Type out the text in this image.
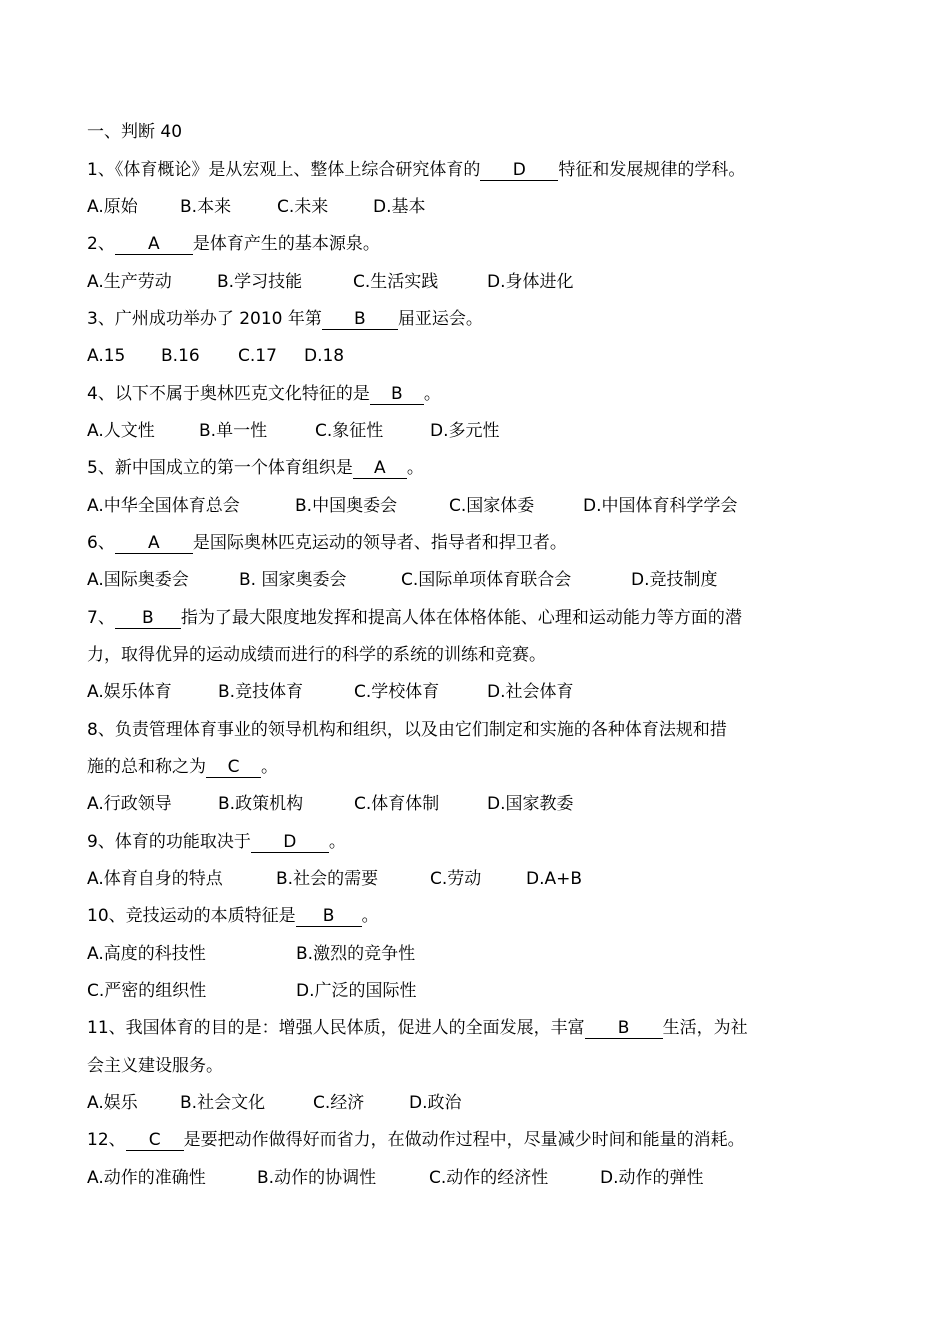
一、判断 40
1、《体育概论》是从宏观上、整体上综合研究体育的 D 特征和发展规律的学科。
A.原始 B.本来	C.未来	D.基本
2、 A 是体育产生的基本源泉。
A.生产劳动	B.学习技能	C.生活实践	D.身体进化
3、广州成功举办了 2010 年第 B 届亚运会。
A.15 B.16 C.17 D.18
4、以下不属于奥林匹克文化特征的是 B 。
A.人文性	B.单一性	C.象征性	D.多元性
5、新中国成立的第一个体育组织是 A 。
A.中华全国体育总会	B.中国奥委会	C.国家体委	D.中国体育科学学会
6、 A 是国际奥林匹克运动的领导者、指导者和捍卫者。
A.国际奥委会	B. 国家奥委会	C.国际单项体育联合会	D.竞技制度
7、 B 指为了最大限度地发挥和提高人体在体格体能、心理和运动能力等方面的潜
力，取得优异的运动成绩而进行的科学的系统的训练和竞赛。
A.娱乐体育	B.竞技体育	C.学校体育	D.社会体育
8、负责管理体育事业的领导机构和组织，以及由它们制定和实施的各种体育法规和措
施的总和称之为 C 。
A.行政领导	B.政策机构	C.体育体制	D.国家教委
9、体育的功能取决于 D 。
A.体育自身的特点	B.社会的需要	C.劳动	D.A+B
10、竞技运动的本质特征是 B 。
A.高度的科技性	B.激烈的竞争性
C.严密的组织性	D.广泛的国际性
11、我国体育的目的是：增强人民体质，促进人的全面发展，丰富 B 生活，为社
会主义建设服务。
A.娱乐 B.社会文化	C.经济	D.政治
12、 C 是要把动作做得好而省力，在做动作过程中，尽量减少时间和能量的消耗。
A.动作的准确性	B.动作的协调性	C.动作的经济性	D.动作的弹性
